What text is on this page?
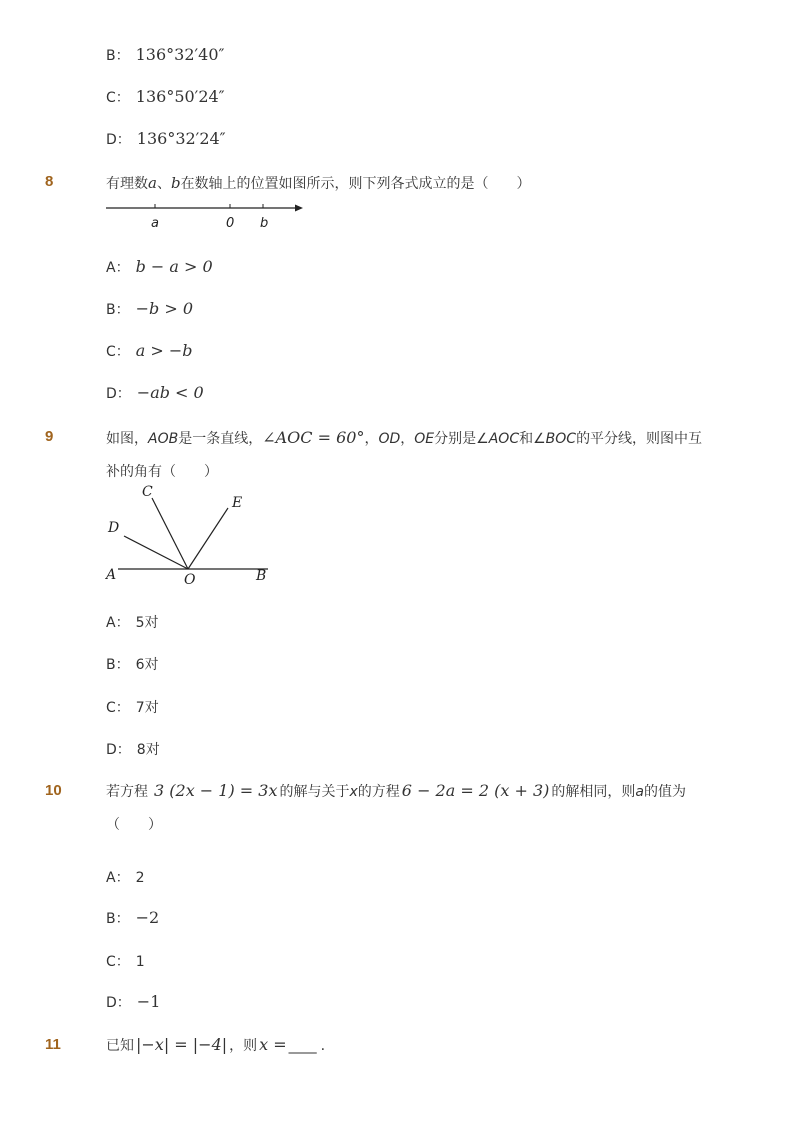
B： 136°32′40″
C： 136°50′24″
D： 136°32′24″
8	有理数a、b在数轴上的位置如图所示，则下列各式成立的是（　　）
a	0 b
A： b − a > 0
B： −b > 0
C： a > −b
D： −ab < 0
9	如图，AOB是一条直线，∠AOC = 60°，OD，OE分别是∠AOC和∠BOC的平分线，则图中互
补的角有（　　）
C
D
E
A	O	B
A： 5对
B： 6对
C： 7对
D： 8对
10	若方程 3 (2x − 1) = 3x 的解与关于x的方程 6 − 2a = 2 (x + 3) 的解相同，则a的值为
（　　）
A： 2
B： −2
C： 1
D： −1
11	已知 |−x| = |−4| ，则 x = ____ .
